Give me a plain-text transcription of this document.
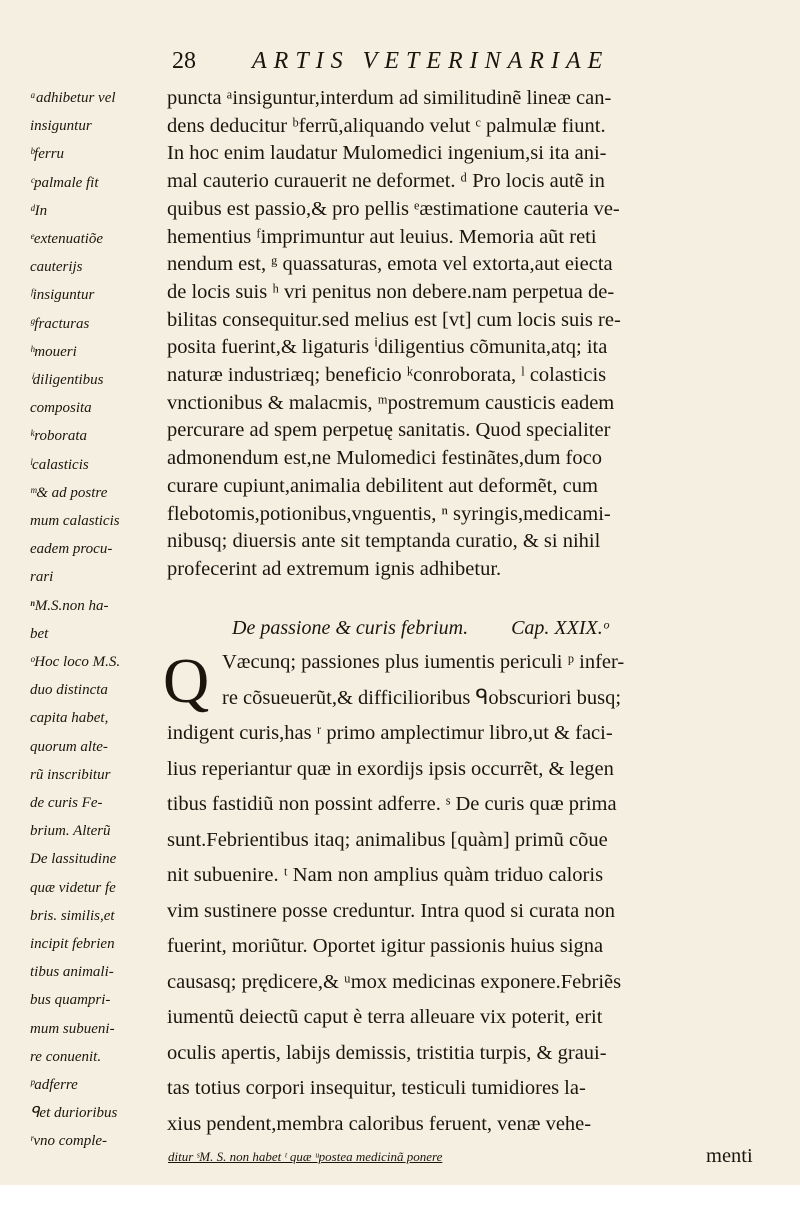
28 ARTIS VETERINARIAE
ᵃadhibetur vel
insiguntur
ᵇferru
ᶜpalmale fit
ᵈIn
ᵉextenuatiõe
cauterijs
ᶠinsiguntur
ᵍfracturas
ʰmoueri
ⁱdiligentibus
composita
ᵏroborata
ˡcalasticis
ᵐ& ad postre
mum calasticis
eadem procu-
rari
ⁿM.S.non ha-
bet
ᵒHoc loco M.S.
duo distincta
capita habet,
quorum alte-
rũ inscribitur
de curis Fe-
brium. Alterũ
De lassitudine
quæ videtur fe
bris. similis,et
incipit febrien
tibus animali-
bus quampri-
mum subueni-
re conuenit.
ᵖadferre
ᑫet durioribus
ʳvno comple-
puncta ᵃinsiguntur,interdum ad similitudinẽ lineæ can-
dens deducitur ᵇferrũ,aliquando velut ᶜ palmulæ fiunt.
In hoc enim laudatur Mulomedici ingenium,si ita ani-
mal cauterio curauerit ne deformet. ᵈ Pro locis autẽ in
quibus est passio,& pro pellis ᵉæstimatione cauteria ve-
hementius ᶠimprimuntur aut leuius. Memoria aũt reti
nendum est, ᵍ quassaturas, emota vel extorta,aut eiecta
de locis suis ʰ vri penitus non debere.nam perpetua de-
bilitas consequitur.sed melius est [vt] cum locis suis re-
posita fuerint,& ligaturis ⁱdiligentius cõmunita,atq; ita
naturæ industriæq; beneficio ᵏconroborata, ˡ colasticis
vnctionibus & malacmis, ᵐpostremum causticis eadem
percurare ad spem perpetuę sanitatis. Quod specialiter
admonendum est,ne Mulomedici festinãtes,dum foco
curare cupiunt,animalia debilitent aut deformẽt, cum
flebotomis,potionibus,vnguentis, ⁿ syringis,medicami-
nibusq; diuersis ante sit temptanda curatio, & si nihil
profecerint ad extremum ignis adhibetur.
De passione & curis febrium. Cap. XXIX.ᵒ
Q Væcunq; passiones plus iumentis periculi ᵖ infer-
re cõsueuerũt,& difficilioribus ᑫobscuriori busq;
indigent curis,has ʳ primo amplectimur libro,ut & faci-
lius reperiantur quæ in exordijs ipsis occurrẽt, & legen
tibus fastidiũ non possint adferre. ˢ De curis quæ prima
sunt.Febrientibus itaq; animalibus [quàm] primũ cõue
nit subuenire. ᵗ Nam non amplius quàm triduo caloris
vim sustinere posse creduntur. Intra quod si curata non
fuerint, moriũtur. Oportet igitur passionis huius signa
causasq; prędicere,& ᵘmox medicinas exponere.Febriẽs
iumentũ deiectũ caput è terra alleuare vix poterit, erit
oculis apertis, labijs demissis, tristitia turpis, & graui-
tas totius corpori insequitur, testiculi tumidiores la-
xius pendent,membra caloribus feruent, venæ vehe-
ditur ˢM. S. non habet ᵗ quæ ᵘpostea medicinã ponere	menti
